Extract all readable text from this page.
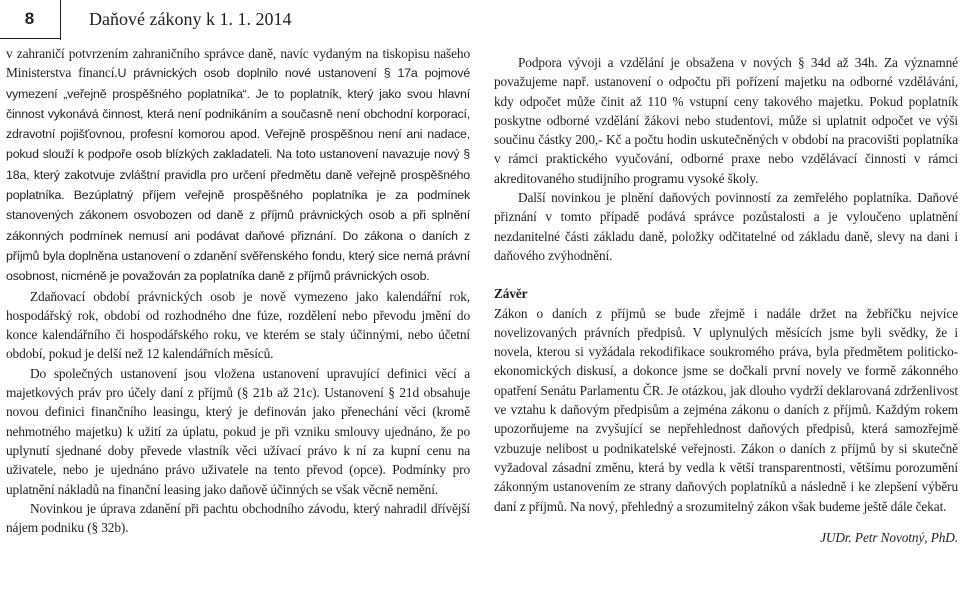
8	Daňové zákony k 1. 1. 2014

v zahraničí potvrzením zahraničního správce daně, navíc vydaným na tiskopisu našeho Ministerstva financí.U právnických osob doplnilo nové ustanovení § 17a pojmové vymezení „veřejně prospěšného poplatníka“. Je to poplatník, který jako svou hlavní činnost vykonává činnost, která není podnikáním a současně není obchodní korporací, zdravotní pojišťovnou, profesní komorou apod. Veřejně prospěšnou není ani nadace, pokud slouží k podpoře osob blízkých zakladateli. Na toto ustanovení navazuje nový § 18a, který zakotvuje zvláštní pravidla pro určení předmětu daně veřejně prospěšného poplatníka. Bezúplatný příjem veřejně prospěšného poplatníka je za podmínek stanovených zákonem osvobozen od daně z příjmů právnických osob a při splnění zákonných podmínek nemusí ani podávat daňové přiznání. Do zákona o daních z příjmů byla doplněna ustanovení o zdanění svěřenského fondu, který sice nemá právní osobnost, nicméně je považován za poplatníka daně z příjmů právnických osob.

Zdaňovací období právnických osob je nově vymezeno jako kalendářní rok, hospodářský rok, období od rozhodného dne fúze, rozdělení nebo převodu jmění do konce kalendářního či hospodářského roku, ve kterém se staly účinnými, nebo účetní období, pokud je delší než 12 kalendářních měsíců.

Do společných ustanovení jsou vložena ustanovení upravující definici věcí a majetkových práv pro účely daní z příjmů (§ 21b až 21c). Ustanovení § 21d obsahuje novou definici finančního leasingu, který je definován jako přenechání věci (kromě nehmotného majetku) k užití za úplatu, pokud je při vzniku smlouvy ujednáno, že po uplynutí sjednané doby převede vlastník věci užívací právo k ní za kupní cenu na uživatele, nebo je ujednáno právo uživatele na tento převod (opce). Podmínky pro uplatnění nákladů na finanční leasing jako daňově účinných se však věcně nemění.

Novinkou je úprava zdanění při pachtu obchodního závodu, který nahradil dřívější nájem podniku (§ 32b).

Podpora vývoji a vzdělání je obsažena v nových § 34d až 34h. Za významné považujeme např. ustanovení o odpočtu při pořízení majetku na odborné vzdělávání, kdy odpočet může činit až 110 % vstupní ceny takového majetku. Pokud poplatník poskytne odborné vzdělání žákovi nebo studentovi, může si uplatnit odpočet ve výši součinu částky 200,- Kč a počtu hodin uskutečněných v období na pracovišti poplatníka v rámci praktického vyučování, odborné praxe nebo vzdělávací činnosti v rámci akreditovaného studijního programu vysoké školy.

Další novinkou je plnění daňových povinností za zemřelého poplatníka. Daňové přiznání v tomto případě podává správce pozůstalosti a je vyloučeno uplatnění nezdanitelné části základu daně, položky odčitatelné od základu daně, slevy na dani i daňového zvýhodnění.

Závěr

Zákon o daních z příjmů se bude zřejmě i nadále držet na žebříčku nejvíce novelizovaných právních předpisů. V uplynulých měsících jsme byli svědky, že i novela, kterou si vyžádala rekodifikace soukromého práva, byla předmětem politicko-ekonomických diskusí, a dokonce jsme se dočkali první novely ve formě zákonného opatření Senátu Parlamentu ČR. Je otázkou, jak dlouho vydrží deklarovaná zdrženlivost ve vztahu k daňovým předpisům a zejména zákonu o daních z příjmů. Každým rokem upozorňujeme na zvyšující se nepřehlednost daňových předpisů, která samozřejmě vzbuzuje nelibost u podnikatelské veřejnosti. Zákon o daních z příjmů by si skutečně vyžadoval zásadní změnu, která by vedla k větší transparentnosti, většímu porozumění zákonným ustanovením ze strany daňových poplatníků a následně i ke zlepšení výběru daní z příjmů. Na nový, přehledný a srozumitelný zákon však budeme ještě dále čekat.

JUDr. Petr Novotný, PhD.
